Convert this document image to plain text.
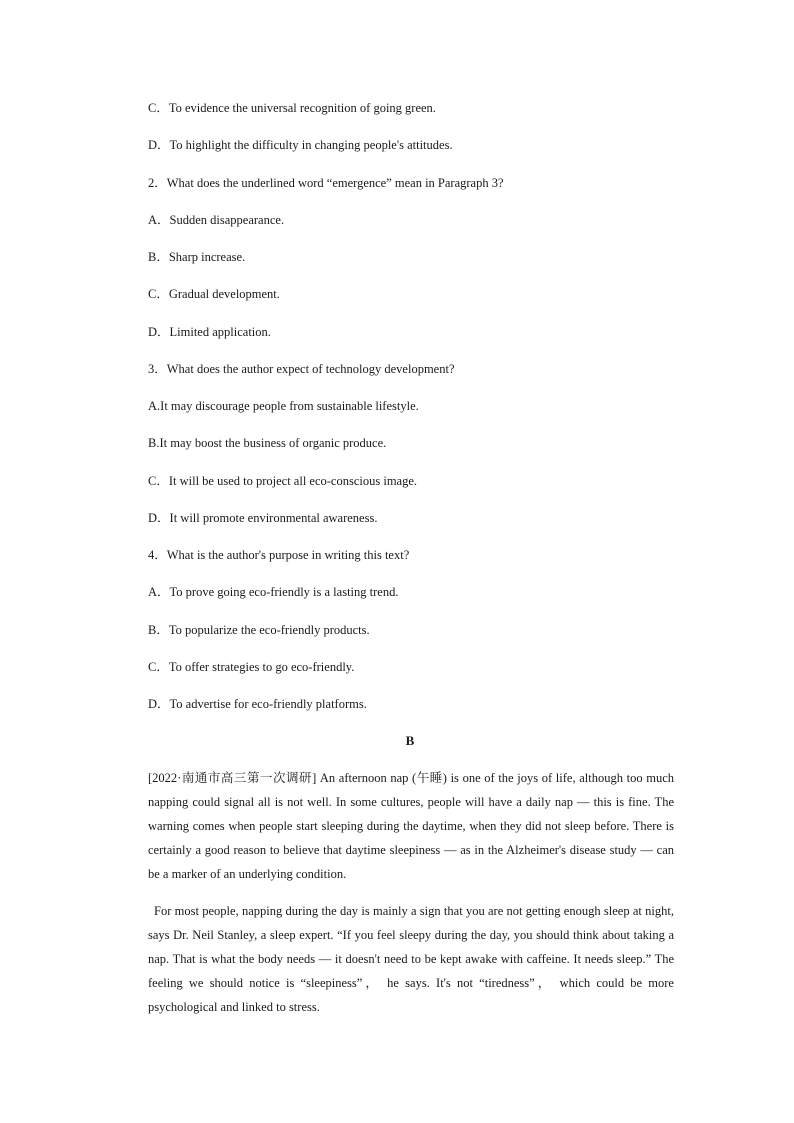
C．To evidence the universal recognition of going green.
D．To highlight the difficulty in changing people's attitudes.
2．What does the underlined word “emergence” mean in Paragraph 3?
A．Sudden disappearance.
B．Sharp increase.
C．Gradual development.
D．Limited application.
3．What does the author expect of technology development?
A.It may discourage people from sustainable lifestyle.
B.It may boost the business of organic produce.
C．It will be used to project all eco-conscious image.
D．It will promote environmental awareness.
4．What is the author's purpose in writing this text?
A．To prove going eco-friendly is a lasting trend.
B．To popularize the eco-friendly products.
C．To offer strategies to go eco-friendly.
D．To advertise for eco-friendly platforms.
B
[2022·南通市高三第一次调研] An afternoon nap (午睡) is one of the joys of life, although too much napping could signal all is not well. In some cultures, people will have a daily nap — this is fine. The warning comes when people start sleeping during the daytime, when they did not sleep before. There is certainly a good reason to believe that daytime sleepiness — as in the Alzheimer's disease study — can be a marker of an underlying condition.
For most people, napping during the day is mainly a sign that you are not getting enough sleep at night, says Dr. Neil Stanley, a sleep expert. “If you feel sleepy during the day, you should think about taking a nap. That is what the body needs — it doesn't need to be kept awake with caffeine. It needs sleep.” The feeling we should notice is “sleepiness”， he says. It's not “tiredness”， which could be more psychological and linked to stress.
